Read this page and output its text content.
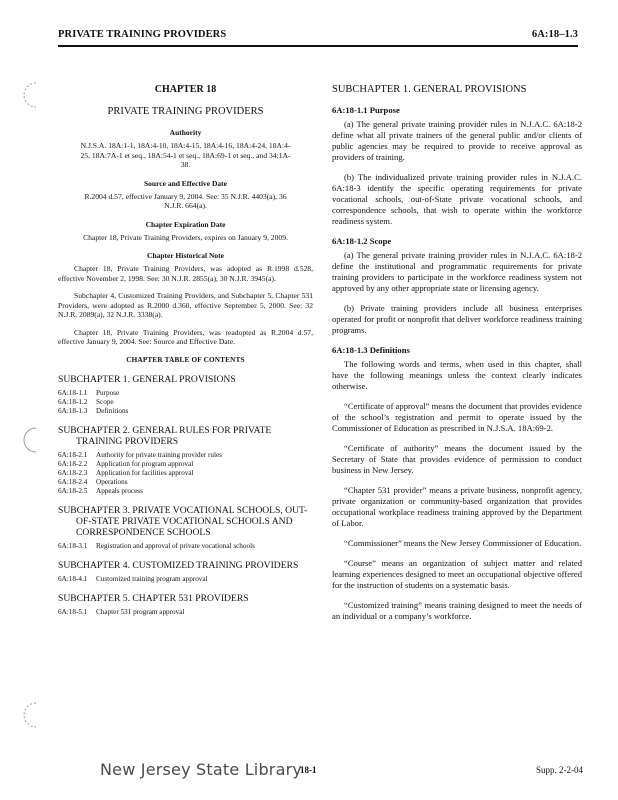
PRIVATE TRAINING PROVIDERS	6A:18–1.3
CHAPTER 18
PRIVATE TRAINING PROVIDERS
Authority
N.J.S.A. 18A:1-1, 18A:4-10, 18A:4-15, 18A:4-16, 18A:4-24, 18A:4-25, 18A:7A-1 et seq., 18A:54-1 et seq., 18A:69-1 et seq., and 34:1A-38.
Source and Effective Date
R.2004 d.57, effective January 9, 2004. See: 35 N.J.R. 4403(a), 36 N.J.R. 664(a).
Chapter Expiration Date
Chapter 18, Private Training Providers, expires on January 9, 2009.
Chapter Historical Note

Chapter 18, Private Training Providers, was adopted as R.1998 d.528, effective November 2, 1998. See: 30 N.J.R. 2855(a), 30 N.J.R. 3945(a).

Subchapter 4, Customized Training Providers, and Subchapter 5, Chapter 531 Providers, were adopted as R.2000 d.360, effective September 5, 2000. See: 32 N.J.R. 2089(a), 32 N.J.R. 3338(a).

Chapter 18, Private Training Providers, was readopted as R.2004 d.57, effective January 9, 2004. See: Source and Effective Date.

CHAPTER TABLE OF CONTENTS
SUBCHAPTER 1. GENERAL PROVISIONS
6A:18-1.1	Purpose
6A:18-1.2	Scope
6A:18-1.3	Definitions
SUBCHAPTER 2. GENERAL RULES FOR PRIVATE TRAINING PROVIDERS
6A:18-2.1	Authority for private training provider rules
6A:18-2.2	Application for program approval
6A:18-2.3	Application for facilities approval
6A:18-2.4	Operations
6A:18-2.5	Appeals process
SUBCHAPTER 3. PRIVATE VOCATIONAL SCHOOLS, OUT-OF-STATE PRIVATE VOCATIONAL SCHOOLS AND CORRESPONDENCE SCHOOLS
6A:18-3.1	Registration and approval of private vocational schools
SUBCHAPTER 4. CUSTOMIZED TRAINING PROVIDERS
6A:18-4.1	Customized training program approval
SUBCHAPTER 5. CHAPTER 531 PROVIDERS
6A:18-5.1	Chapter 531 program approval
SUBCHAPTER 1. GENERAL PROVISIONS
6A:18-1.1 Purpose

(a) The general private training provider rules in N.J.A.C. 6A:18-2 define what all private trainers of the general public and/or clients of public agencies may be required to provide to receive approval as providers of training.

(b) The individualized private training provider rules in N.J.A.C. 6A:18-3 identify the specific operating requirements for private vocational schools, out-of-State private vocational schools, and correspondence schools, that wish to operate within the workforce readiness system.

6A:18-1.2 Scope

(a) The general private training provider rules in N.J.A.C. 6A:18-2 define the institutional and programmatic requirements for private training providers to participate in the workforce readiness system not approved by any other appropriate state or licensing agency.

(b) Private training providers include all business enterprises operated for profit or nonprofit that deliver workforce readiness training programs.

6A:18-1.3 Definitions

The following words and terms, when used in this chapter, shall have the following meanings unless the context clearly indicates otherwise.

“Certificate of approval” means the document that provides evidence of the school’s registration and permit to operate issued by the Commissioner of Education as prescribed in N.J.S.A. 18A:69-2.

“Certificate of authority” means the document issued by the Secretary of State that provides evidence of permission to conduct business in New Jersey.

“Chapter 531 provider” means a private business, nonprofit agency, private organization or community-based organization that provides occupational workplace readiness training approved by the Department of Labor.

“Commissioner” means the New Jersey Commissioner of Education.

“Course” means an organization of subject matter and related learning experiences designed to meet an occupational objective offered for the instruction of students on a systematic basis.

“Customized training” means training designed to meet the needs of an individual or a company’s workforce.

New Jersey State Library
18-1	Supp. 2-2-04
